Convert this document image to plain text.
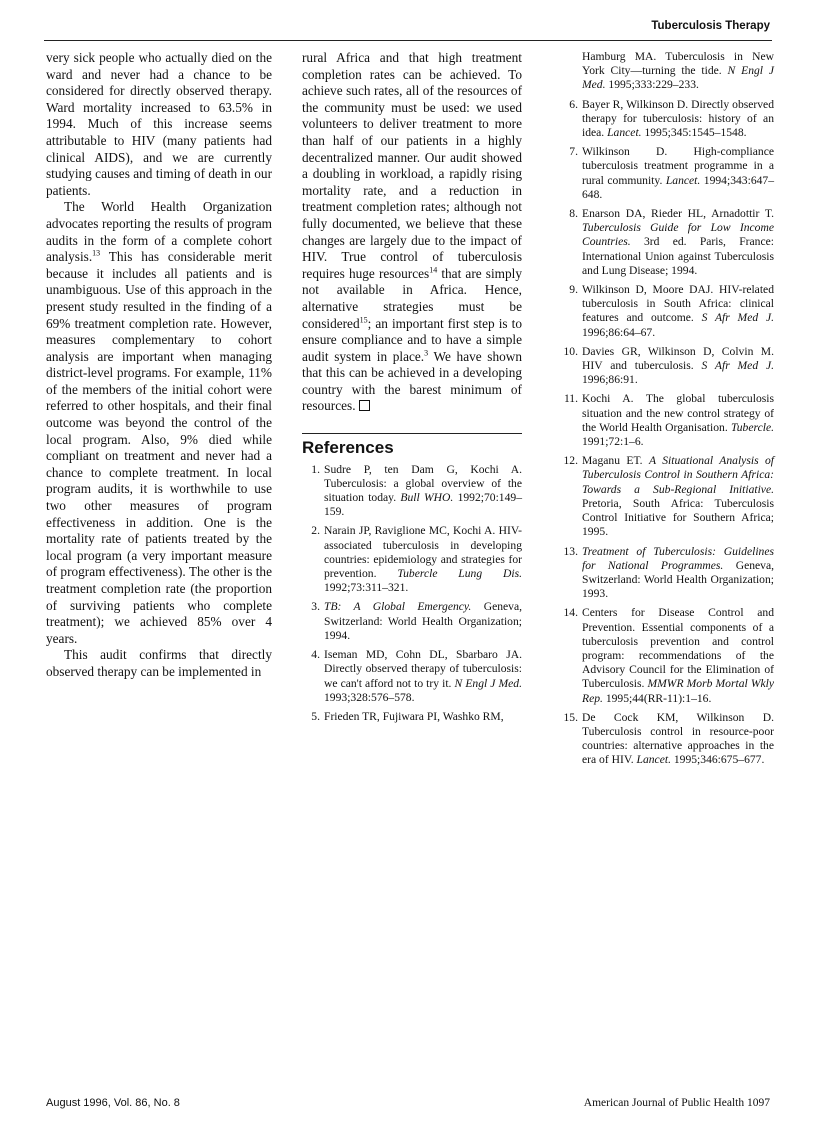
Tuberculosis Therapy

very sick people who actually died on the ward and never had a chance to be considered for directly observed therapy. Ward mortality increased to 63.5% in 1994. Much of this increase seems attributable to HIV (many patients had clinical AIDS), and we are currently studying causes and timing of death in our patients.

The World Health Organization advocates reporting the results of program audits in the form of a complete cohort analysis.$^{13}$ This has considerable merit because it includes all patients and is unambiguous. Use of this approach in the present study resulted in the finding of a 69% treatment completion rate. However, measures complementary to cohort analysis are important when managing district-level programs. For example, 11% of the members of the initial cohort were referred to other hospitals, and their final outcome was beyond the control of the local program. Also, 9% died while compliant on treatment and never had a chance to complete treatment. In local program audits, it is worthwhile to use two other measures of program effectiveness in addition. One is the mortality rate of patients treated by the local program (a very important measure of program effectiveness). The other is the treatment completion rate (the proportion of surviving patients who complete treatment); we achieved 85% over 4 years.

This audit confirms that directly observed therapy can be implemented in

rural Africa and that high treatment completion rates can be achieved. To achieve such rates, all of the resources of the community must be used: we used volunteers to deliver treatment to more than half of our patients in a highly decentralized manner. Our audit showed a doubling in workload, a rapidly rising mortality rate, and a reduction in treatment completion rates; although not fully documented, we believe that these changes are largely due to the impact of HIV. True control of tuberculosis requires huge resources$^{14}$ that are simply not available in Africa. Hence, alternative strategies must be considered$^{15}$; an important first step is to ensure compliance and to have a simple audit system in place.$^3$ We have shown that this can be achieved in a developing country with the barest minimum of resources.

References
1. Sudre P, ten Dam G, Kochi A. Tuberculosis: a global overview of the situation today. Bull WHO. 1992;70:149–159.
2. Narain JP, Raviglione MC, Kochi A. HIV-associated tuberculosis in developing countries: epidemiology and strategies for prevention. Tubercle Lung Dis. 1992;73:311–321.
3. TB: A Global Emergency. Geneva, Switzerland: World Health Organization; 1994.
4. Iseman MD, Cohn DL, Sbarbaro JA. Directly observed therapy of tuberculosis: we can't afford not to try it. N Engl J Med. 1993;328:576–578.
5. Frieden TR, Fujiwara PI, Washko RM,
Hamburg MA. Tuberculosis in New York City—turning the tide. N Engl J Med. 1995;333:229–233.
6. Bayer R, Wilkinson D. Directly observed therapy for tuberculosis: history of an idea. Lancet. 1995;345:1545–1548.
7. Wilkinson D. High-compliance tuberculosis treatment programme in a rural community. Lancet. 1994;343:647–648.
8. Enarson DA, Rieder HL, Arnadottir T. Tuberculosis Guide for Low Income Countries. 3rd ed. Paris, France: International Union against Tuberculosis and Lung Disease; 1994.
9. Wilkinson D, Moore DAJ. HIV-related tuberculosis in South Africa: clinical features and outcome. S Afr Med J. 1996;86:64–67.
10. Davies GR, Wilkinson D, Colvin M. HIV and tuberculosis. S Afr Med J. 1996;86:91.
11. Kochi A. The global tuberculosis situation and the new control strategy of the World Health Organisation. Tubercle. 1991;72:1–6.
12. Maganu ET. A Situational Analysis of Tuberculosis Control in Southern Africa: Towards a Sub-Regional Initiative. Pretoria, South Africa: Tuberculosis Control Initiative for Southern Africa; 1995.
13. Treatment of Tuberculosis: Guidelines for National Programmes. Geneva, Switzerland: World Health Organization; 1993.
14. Centers for Disease Control and Prevention. Essential components of a tuberculosis prevention and control program: recommendations of the Advisory Council for the Elimination of Tuberculosis. MMWR Morb Mortal Wkly Rep. 1995;44(RR-11):1–16.
15. De Cock KM, Wilkinson D. Tuberculosis control in resource-poor countries: alternative approaches in the era of HIV. Lancet. 1995;346:675–677.
August 1996, Vol. 86, No. 8	American Journal of Public Health 1097
